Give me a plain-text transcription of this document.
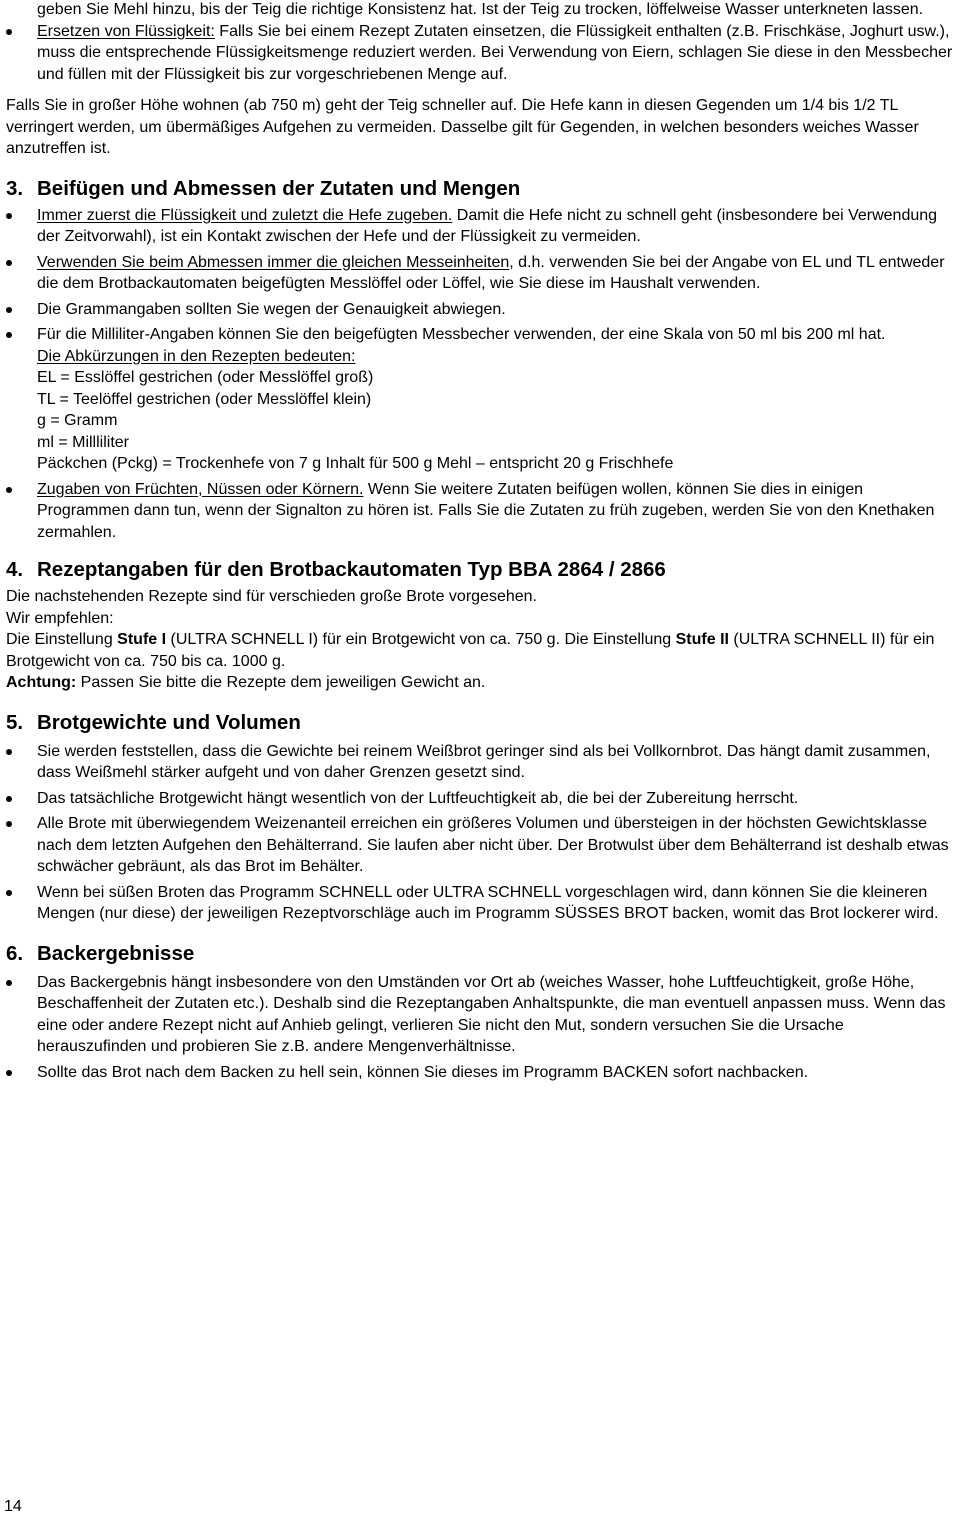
geben Sie Mehl hinzu, bis der Teig die richtige Konsistenz hat. Ist der Teig zu trocken, löffelweise Wasser unterkneten lassen.

Ersetzen von Flüssigkeit: Falls Sie bei einem Rezept Zutaten einsetzen, die Flüssigkeit enthalten (z.B. Frischkäse, Joghurt usw.), muss die entsprechende Flüssigkeitsmenge reduziert werden. Bei Verwendung von Eiern, schlagen Sie diese in den Messbecher und füllen mit der Flüssigkeit bis zur vorgeschriebenen Menge auf.

Falls Sie in großer Höhe wohnen (ab 750 m) geht der Teig schneller auf. Die Hefe kann in diesen Gegenden um 1/4 bis 1/2 TL verringert werden, um übermäßiges Aufgehen zu vermeiden. Dasselbe gilt für Gegenden, in welchen besonders weiches Wasser anzutreffen ist.

3. Beifügen und Abmessen der Zutaten und Mengen
Immer zuerst die Flüssigkeit und zuletzt die Hefe zugeben. Damit die Hefe nicht zu schnell geht (insbesondere bei Verwendung der Zeitvorwahl), ist ein Kontakt zwischen der Hefe und der Flüssigkeit zu vermeiden.
Verwenden Sie beim Abmessen immer die gleichen Messeinheiten, d.h. verwenden Sie bei der Angabe von EL und TL entweder die dem Brotbackautomaten beigefügten Messlöffel oder Löffel, wie Sie diese im Haushalt verwenden.
Die Grammangaben sollten Sie wegen der Genauigkeit abwiegen.
Für die Milliliter-Angaben können Sie den beigefügten Messbecher verwenden, der eine Skala von 50 ml bis 200 ml hat.
Die Abkürzungen in den Rezepten bedeuten:
EL = Esslöffel gestrichen (oder Messlöffel groß)
TL = Teelöffel gestrichen (oder Messlöffel klein)
g = Gramm
ml = Millliliter
Päckchen (Pckg) = Trockenhefe von 7 g Inhalt für 500 g Mehl – entspricht 20 g Frischhefe
Zugaben von Früchten, Nüssen oder Körnern. Wenn Sie weitere Zutaten beifügen wollen, können Sie dies in einigen Programmen dann tun, wenn der Signalton zu hören ist. Falls Sie die Zutaten zu früh zugeben, werden Sie von den Knethaken zermahlen.
4. Rezeptangaben für den Brotbackautomaten Typ BBA 2864 / 2866

Die nachstehenden Rezepte sind für verschieden große Brote vorgesehen.

Wir empfehlen:

Die Einstellung Stufe I (ULTRA SCHNELL I) für ein Brotgewicht von ca. 750 g. Die Einstellung Stufe II (ULTRA SCHNELL II) für ein Brotgewicht von ca. 750 bis ca. 1000 g.

Achtung: Passen Sie bitte die Rezepte dem jeweiligen Gewicht an.

5. Brotgewichte und Volumen
Sie werden feststellen, dass die Gewichte bei reinem Weißbrot geringer sind als bei Vollkornbrot. Das hängt damit zusammen, dass Weißmehl stärker aufgeht und von daher Grenzen gesetzt sind.
Das tatsächliche Brotgewicht hängt wesentlich von der Luftfeuchtigkeit ab, die bei der Zubereitung herrscht.
Alle Brote mit überwiegendem Weizenanteil erreichen ein größeres Volumen und übersteigen in der höchsten Gewichtsklasse nach dem letzten Aufgehen den Behälterrand. Sie laufen aber nicht über. Der Brotwulst über dem Behälterrand ist deshalb etwas schwächer gebräunt, als das Brot im Behälter.
Wenn bei süßen Broten das Programm SCHNELL oder ULTRA SCHNELL vorgeschlagen wird, dann können Sie die kleineren Mengen (nur diese) der jeweiligen Rezeptvorschläge auch im Programm SÜSSES BROT backen, womit das Brot lockerer wird.
6. Backergebnisse
Das Backergebnis hängt insbesondere von den Umständen vor Ort ab (weiches Wasser, hohe Luftfeuchtigkeit, große Höhe, Beschaffenheit der Zutaten etc.). Deshalb sind die Rezeptangaben Anhaltspunkte, die man eventuell anpassen muss. Wenn das eine oder andere Rezept nicht auf Anhieb gelingt, verlieren Sie nicht den Mut, sondern versuchen Sie die Ursache herauszufinden und probieren Sie z.B. andere Mengenverhältnisse.
Sollte das Brot nach dem Backen zu hell sein, können Sie dieses im Programm BACKEN sofort nachbacken.
14
